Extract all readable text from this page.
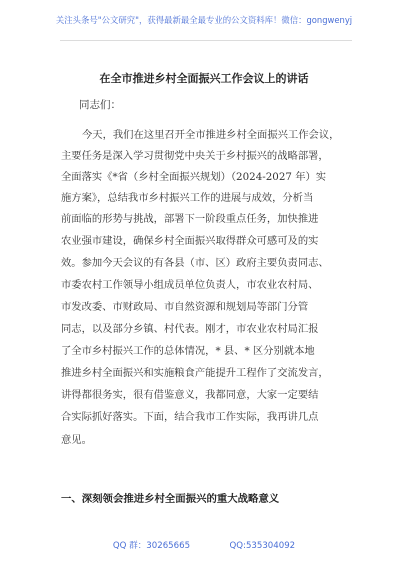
关注头条号"公文研究"，获得最新最全最专业的公文资料库！微信：gongwenyj
在全市推进乡村全面振兴工作会议上的讲话
同志们：
今天，我们在这里召开全市推进乡村全面振兴工作会议，
主要任务是深入学习贯彻党中央关于乡村振兴的战略部署，
全面落实《*省（乡村全面振兴规划）（2024-2027 年）实
施方案》，总结我市乡村振兴工作的进展与成效，分析当
前面临的形势与挑战，部署下一阶段重点任务，加快推进
农业强市建设，确保乡村全面振兴取得群众可感可及的实
效。参加今天会议的有各县（市、区）政府主要负责同志、
市委农村工作领导小组成员单位负责人，市农业农村局、
市发改委、市财政局、市自然资源和规划局等部门分管
同志，以及部分乡镇、村代表。刚才，市农业农村局汇报
了全市乡村振兴工作的总体情况，* 县、* 区分别就本地
推进乡村全面振兴和实施粮食产能提升工程作了交流发言，
讲得都很务实，很有借鉴意义，我都同意，大家一定要结
合实际抓好落实。下面，结合我市工作实际，我再讲几点
意见。
一、深刻领会推进乡村全面振兴的重大战略意义
QQ 群：30265665	QQ:535304092
